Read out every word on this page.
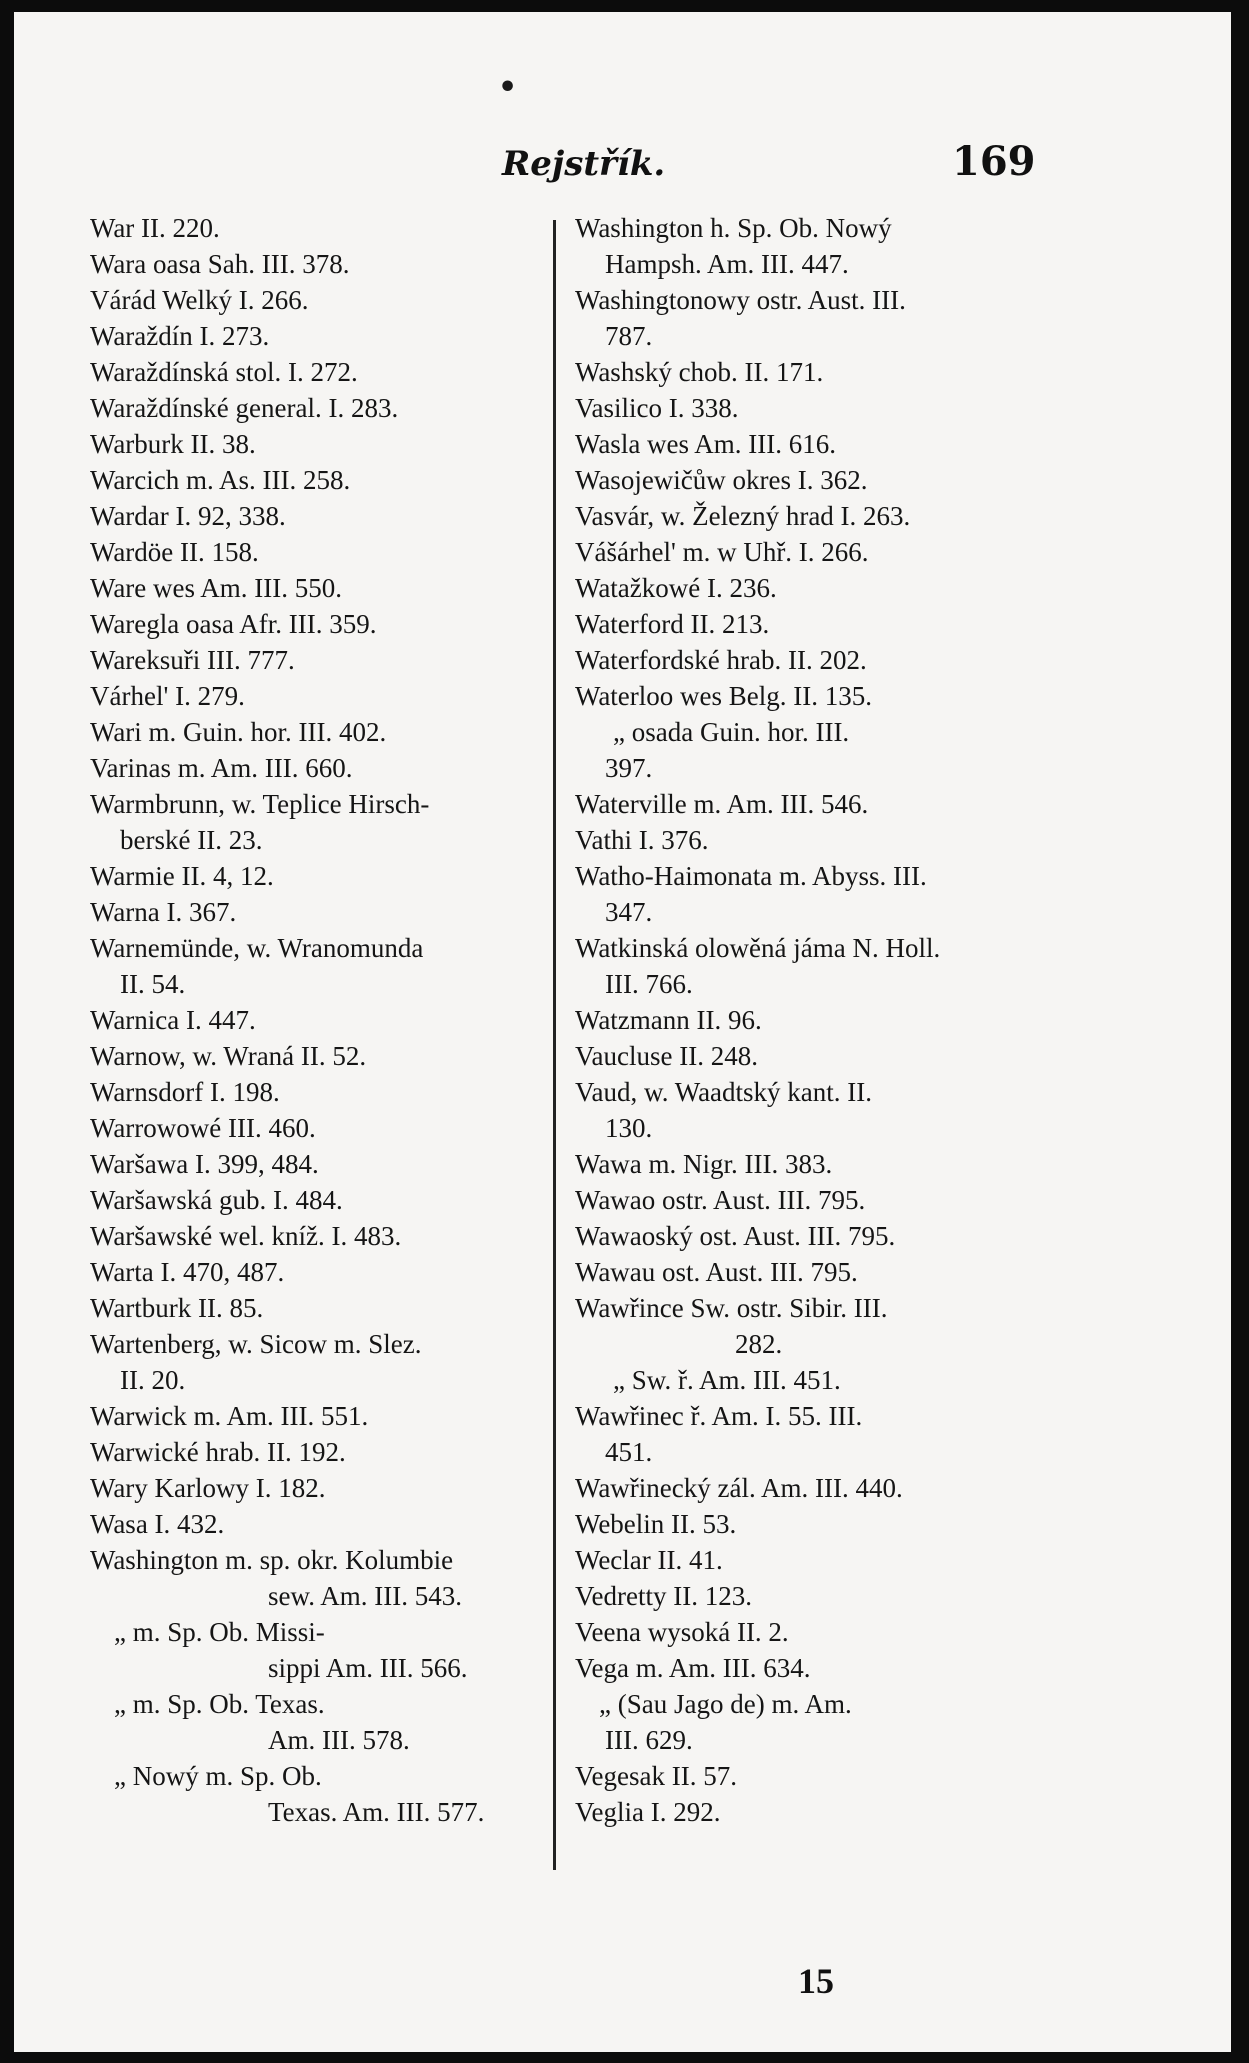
•
Rejstřík.	169
War II. 220.
Wara oasa Sah. III. 378.
Várád Welký I. 266.
Waraždín I. 273.
Waraždínská stol. I. 272.
Waraždínské general. I. 283.
Warburk II. 38.
Warcich m. As. III. 258.
Wardar I. 92, 338.
Wardöe II. 158.
Ware wes Am. III. 550.
Waregla oasa Afr. III. 359.
Wareksuři III. 777.
Várhel' I. 279.
Wari m. Guin. hor. III. 402.
Varinas m. Am. III. 660.
Warmbrunn, w. Teplice Hirsch-
berské II. 23.
Warmie II. 4, 12.
Warna I. 367.
Warnemünde, w. Wranomunda
II. 54.
Warnica I. 447.
Warnow, w. Wraná II. 52.
Warnsdorf I. 198.
Warrowowé III. 460.
Waršawa I. 399, 484.
Waršawská gub. I. 484.
Waršawské wel. kníž. I. 483.
Warta I. 470, 487.
Wartburk II. 85.
Wartenberg, w. Sicow m. Slez.
II. 20.
Warwick m. Am. III. 551.
Warwické hrab. II. 192.
Wary Karlowy I. 182.
Wasa I. 432.
Washington m. sp. okr. Kolumbie
sew. Am. III. 543.
„ m. Sp. Ob. Missi-
sippi Am. III. 566.
„ m. Sp. Ob. Texas.
Am. III. 578.
„ Nowý m. Sp. Ob.
Texas. Am. III. 577.
Washington h. Sp. Ob. Nowý
Hampsh. Am. III. 447.
Washingtonowy ostr. Aust. III.
787.
Washský chob. II. 171.
Vasilico I. 338.
Wasla wes Am. III. 616.
Wasojewičůw okres I. 362.
Vasvár, w. Železný hrad I. 263.
Vášárhel' m. w Uhř. I. 266.
Watažkowé I. 236.
Waterford II. 213.
Waterfordské hrab. II. 202.
Waterloo wes Belg. II. 135.
„ osada Guin. hor. III.
397.
Waterville m. Am. III. 546.
Vathi I. 376.
Watho-Haimonata m. Abyss. III.
347.
Watkinská olowěná jáma N. Holl.
III. 766.
Watzmann II. 96.
Vaucluse II. 248.
Vaud, w. Waadtský kant. II.
130.
Wawa m. Nigr. III. 383.
Wawao ostr. Aust. III. 795.
Wawaoský ost. Aust. III. 795.
Wawau ost. Aust. III. 795.
Wawřince Sw. ostr. Sibir. III.
282.
„ Sw. ř. Am. III. 451.
Wawřinec ř. Am. I. 55. III.
451.
Wawřinecký zál. Am. III. 440.
Webelin II. 53.
Weclar II. 41.
Vedretty II. 123.
Veena wysoká II. 2.
Vega m. Am. III. 634.
„ (Sau Jago de) m. Am.
III. 629.
Vegesak II. 57.
Veglia I. 292.
15
